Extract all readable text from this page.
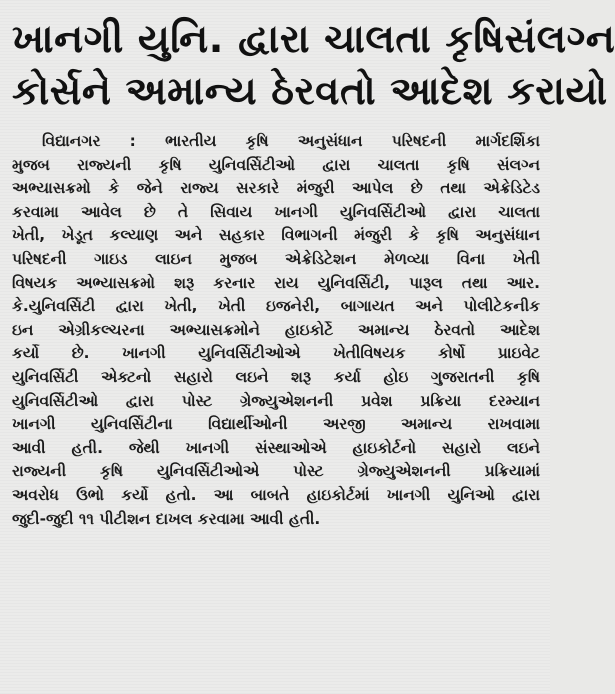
ખાનગી યુનિ. દ્વારા ચાલતા કૃષિસંલગ્ન
કોર્સને અમાન્ય ઠેરવતો આદેશ કરાયો
વિદ્યાનગર : ભારતીય કૃષિ અનુસંધાન પરિષદની માર્ગદર્શિકા
મુજબ રાજ્યની કૃષિ યુનિવર્સિટીઓ દ્વારા ચાલતા કૃષિ સંલગ્ન
અભ્યાસક્રમો કે જેને રાજ્ય સરકારે મંજુરી આપેલ છે તથા એક્રેડિટેડ
કરવામા આવેલ છે તે સિવાય ખાનગી યુનિવર્સિટીઓ દ્વારા ચાલતા
ખેતી, ખેડૂત કલ્યાણ અને સહકાર વિભાગની મંજુરી કે કૃષિ અનુસંધાન
પરિષદની ગાઇડ લાઇન મુજબ એક્રેડિટેશન મેળવ્યા વિના ખેતી
વિષયક અભ્યાસક્રમો શરૂ કરનાર રાય યુનિવર્સિટી, પારૂલ તથા આર.
કે.યુનિવર્સિટી દ્વારા ખેતી, ખેતી ઇજનેરી, બાગાયત અને પોલીટેકનીક
ઇન એગ્રીકલ્ચરના અભ્યાસક્રમોને હાઇકોર્ટે અમાન્ય ઠેરવતો આદેશ
કર્યો છે. ખાનગી યુનિવર્સિટીઓએ ખેતીવિષયક કોર્ષો પ્રાઇવેટ
યુનિવર્સિટી એક્ટનો સહારો લઇને શરૂ કર્યા હોઇ ગુજરાતની કૃષિ
યુનિવર્સિટીઓ દ્વારા પોસ્ટ ગ્રેજ્યુએશનની પ્રવેશ પ્રક્રિયા દરમ્યાન
ખાનગી યુનિવર્સિટીના વિદ્યાર્થીઓની અરજી અમાન્ય રાખવામા
આવી હતી. જેથી ખાનગી સંસ્થાઓએ હાઇકોર્ટનો સહારો લઇને
રાજ્યની કૃષિ યુનિવર્સિટીઓએ પોસ્ટ ગ્રેજ્યુએશનની પ્રક્રિયામાં
અવરોધ ઉભો કર્યો હતો. આ બાબતે હાઇકોર્ટમાં ખાનગી યુનિઓ દ્વારા
જુદી-જુદી ૧૧ પીટીશન દાખલ કરવામા આવી હતી.
